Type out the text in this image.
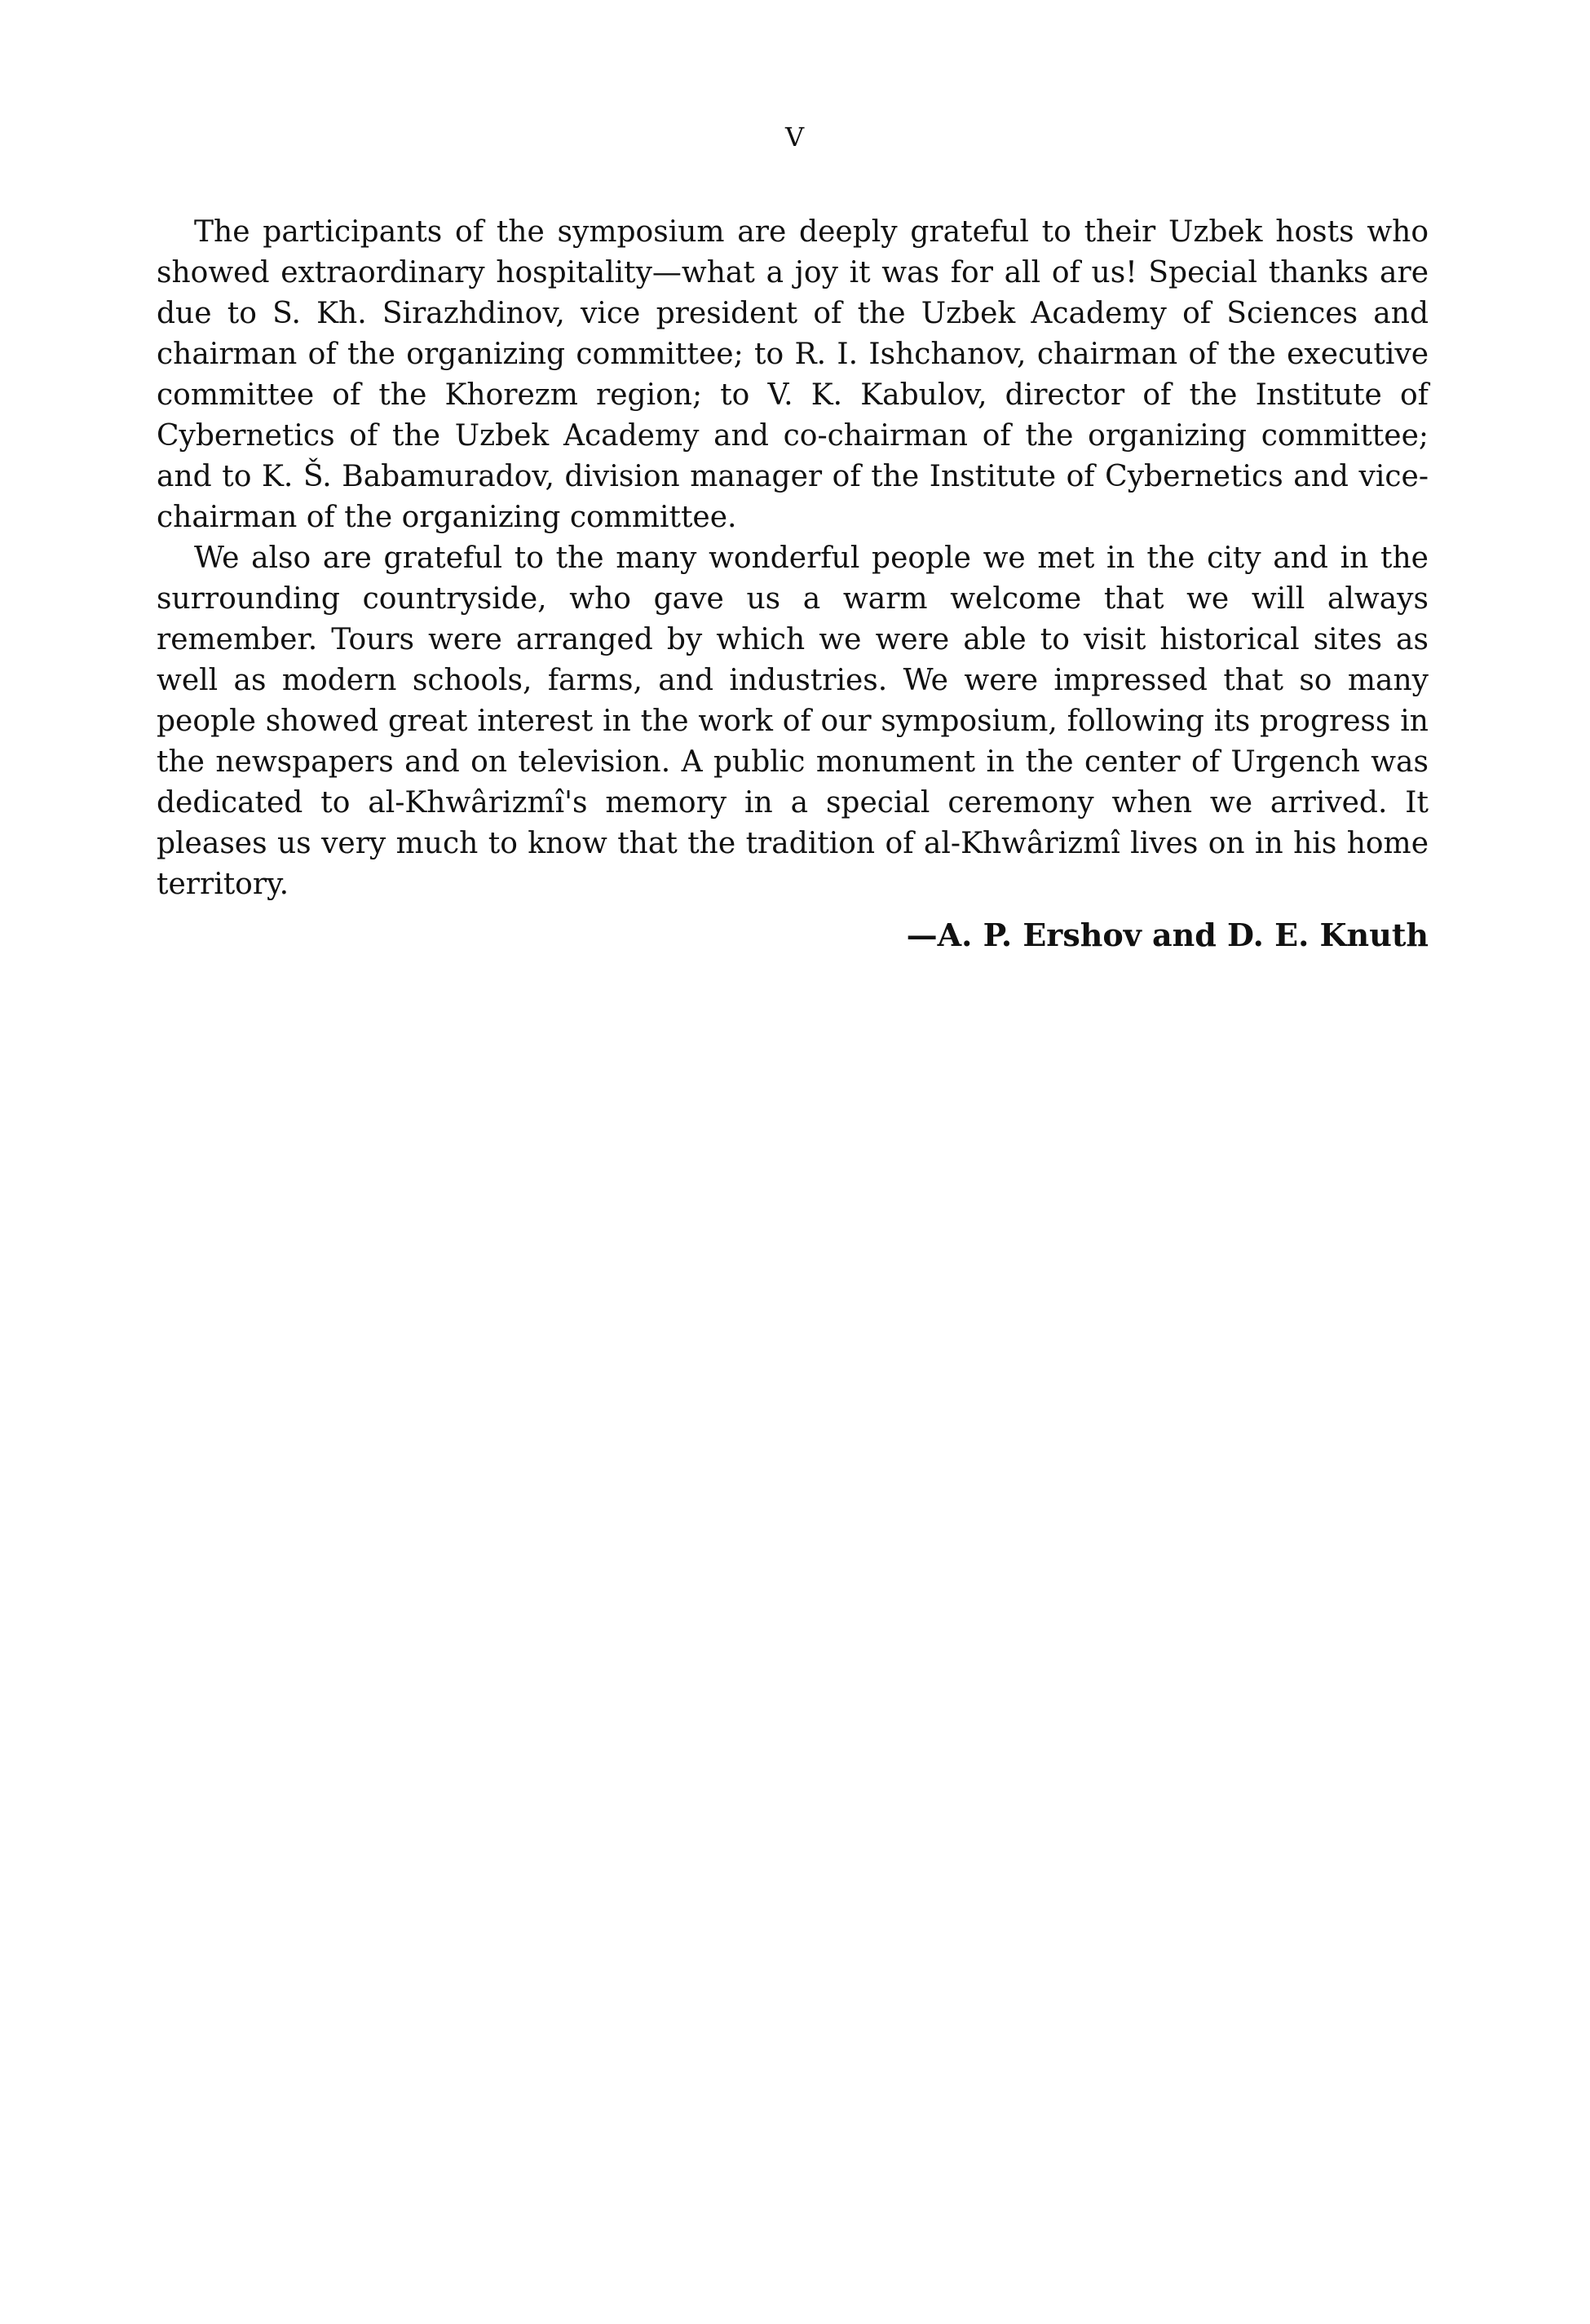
V

The participants of the symposium are deeply grateful to their Uzbek hosts who showed extraordinary hospitality—what a joy it was for all of us! Special thanks are due to S. Kh. Sirazhdinov, vice president of the Uzbek Academy of Sciences and chairman of the organizing committee; to R. I. Ishchanov, chairman of the executive committee of the Khorezm region; to V. K. Kabulov, director of the Institute of Cybernetics of the Uzbek Academy and co-chairman of the organizing committee; and to K. Š. Babamuradov, division manager of the Institute of Cybernetics and vice-chairman of the organizing committee.

We also are grateful to the many wonderful people we met in the city and in the surrounding countryside, who gave us a warm welcome that we will always remember. Tours were arranged by which we were able to visit historical sites as well as modern schools, farms, and industries. We were impressed that so many people showed great interest in the work of our symposium, following its progress in the newspapers and on television. A public monument in the center of Urgench was dedicated to al-Khwârizmî's memory in a special ceremony when we arrived. It pleases us very much to know that the tradition of al-Khwârizmî lives on in his home territory.

—A. P. Ershov and D. E. Knuth
